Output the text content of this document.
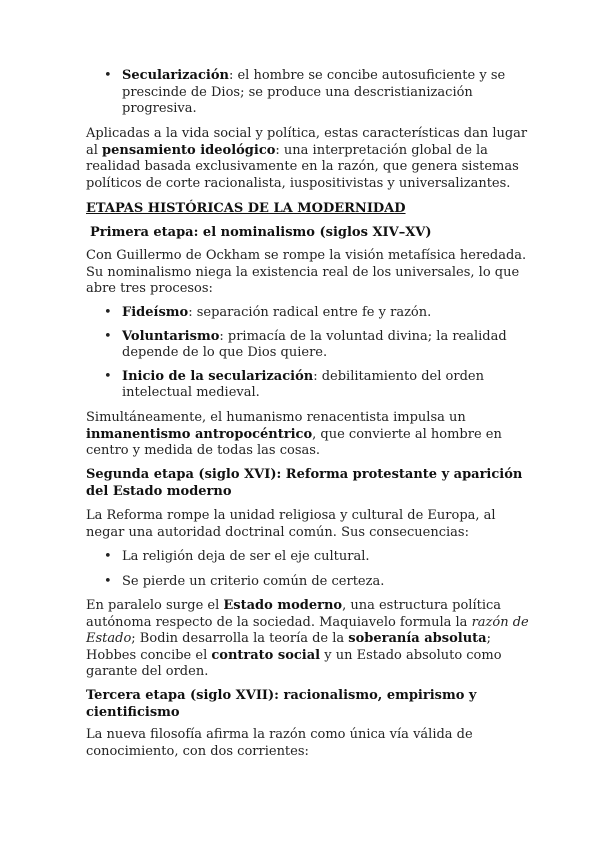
• Secularización: el hombre se concibe autosuficiente y se prescinde de Dios; se produce una descristianización progresiva.

Aplicadas a la vida social y política, estas características dan lugar al pensamiento ideológico: una interpretación global de la realidad basada exclusivamente en la razón, que genera sistemas políticos de corte racionalista, iuspositivistas y universalizantes.

ETAPAS HISTÓRICAS DE LA MODERNIDAD
Primera etapa: el nominalismo (siglos XIV–XV)

Con Guillermo de Ockham se rompe la visión metafísica heredada. Su nominalismo niega la existencia real de los universales, lo que abre tres procesos:

• Fideísmo: separación radical entre fe y razón.
• Voluntarismo: primacía de la voluntad divina; la realidad depende de lo que Dios quiere.
• Inicio de la secularización: debilitamiento del orden intelectual medieval.

Simultáneamente, el humanismo renacentista impulsa un inmanentismo antropocéntrico, que convierte al hombre en centro y medida de todas las cosas.

Segunda etapa (siglo XVI): Reforma protestante y aparición del Estado moderno

La Reforma rompe la unidad religiosa y cultural de Europa, al negar una autoridad doctrinal común. Sus consecuencias:

• La religión deja de ser el eje cultural.
• Se pierde un criterio común de certeza.

En paralelo surge el Estado moderno, una estructura política autónoma respecto de la sociedad. Maquiavelo formula la razón de Estado; Bodin desarrolla la teoría de la soberanía absoluta; Hobbes concibe el contrato social y un Estado absoluto como garante del orden.

Tercera etapa (siglo XVII): racionalismo, empirismo y cientificismo

La nueva filosofía afirma la razón como única vía válida de conocimiento, con dos corrientes:
